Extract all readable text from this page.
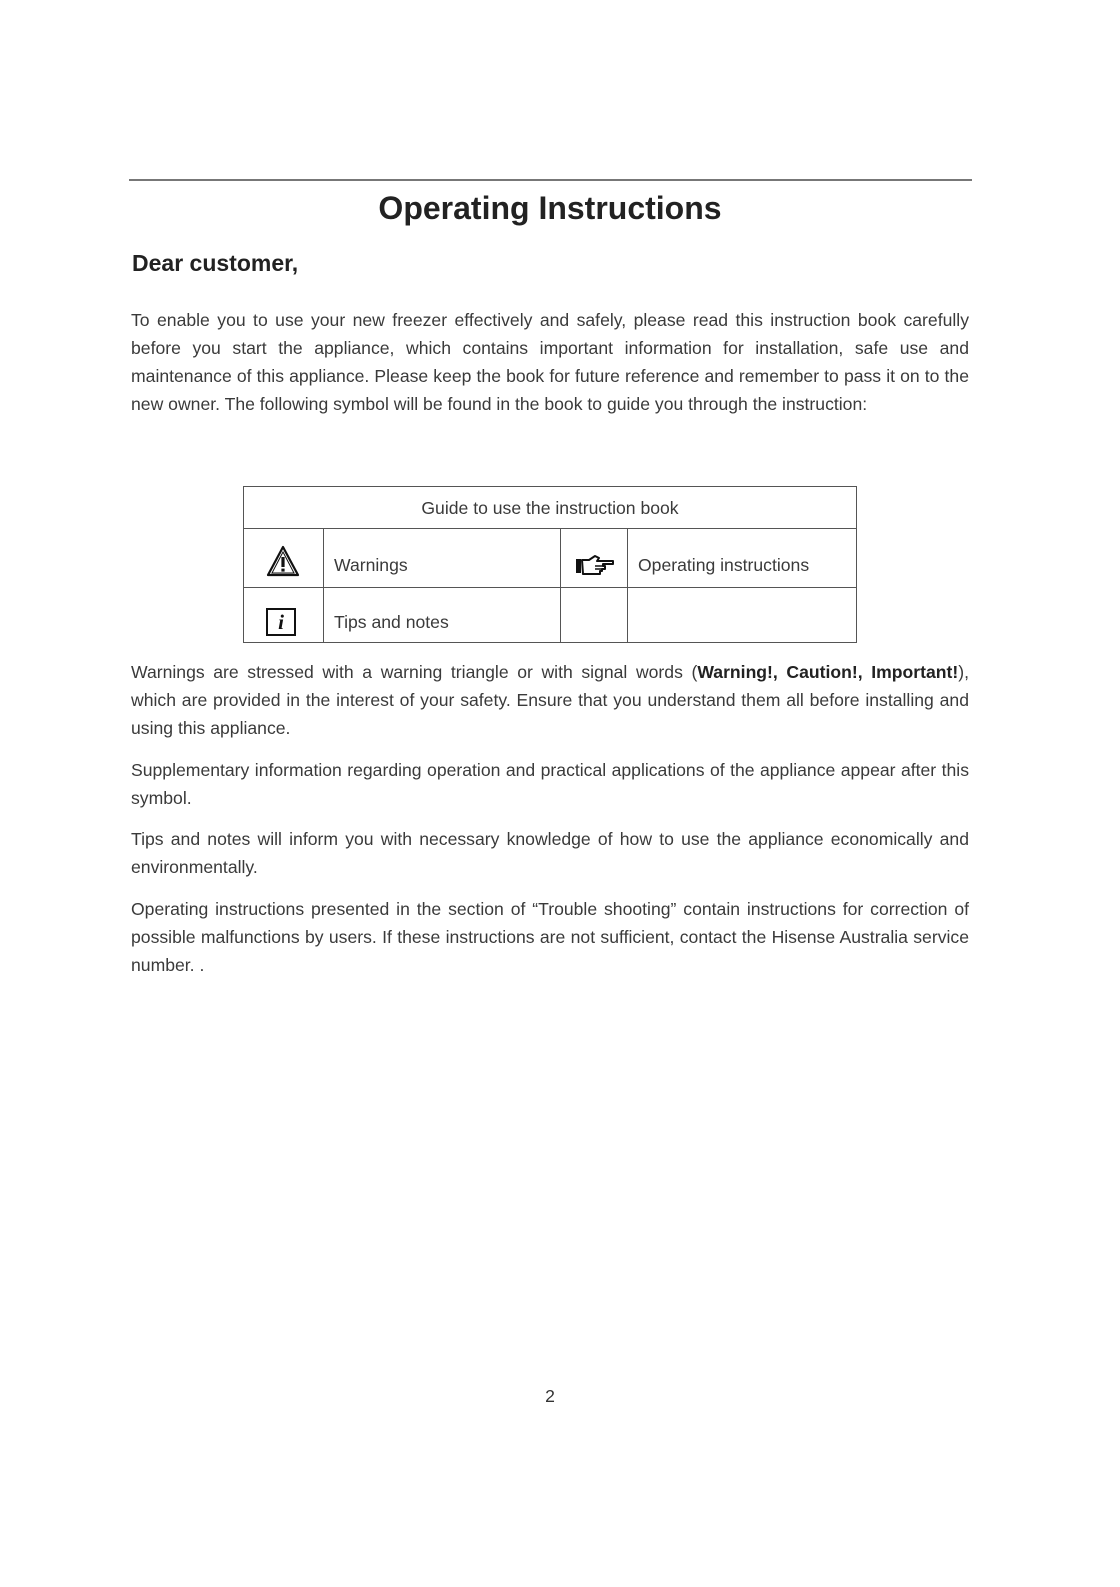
Operating Instructions
Dear customer,

To enable you to use your new freezer effectively and safely, please read this instruction book carefully before you start the appliance, which contains important information for installation, safe use and maintenance of this appliance. Please keep the book for future reference and remember to pass it on to the new owner. The following symbol will be found in the book to guide you through the instruction:

Guide to use the instruction book
Warnings	Operating instructions
i	Tips and notes

Warnings are stressed with a warning triangle or with signal words (Warning!, Caution!, Important!), which are provided in the interest of your safety. Ensure that you understand them all before installing and using this appliance.

Supplementary information regarding operation and practical applications of the appliance appear after this symbol.

Tips and notes will inform you with necessary knowledge of how to use the appliance economically and environmentally.

Operating instructions presented in the section of “Trouble shooting” contain instructions for correction of possible malfunctions by users. If these instructions are not sufficient, contact the Hisense Australia service number. .

2
